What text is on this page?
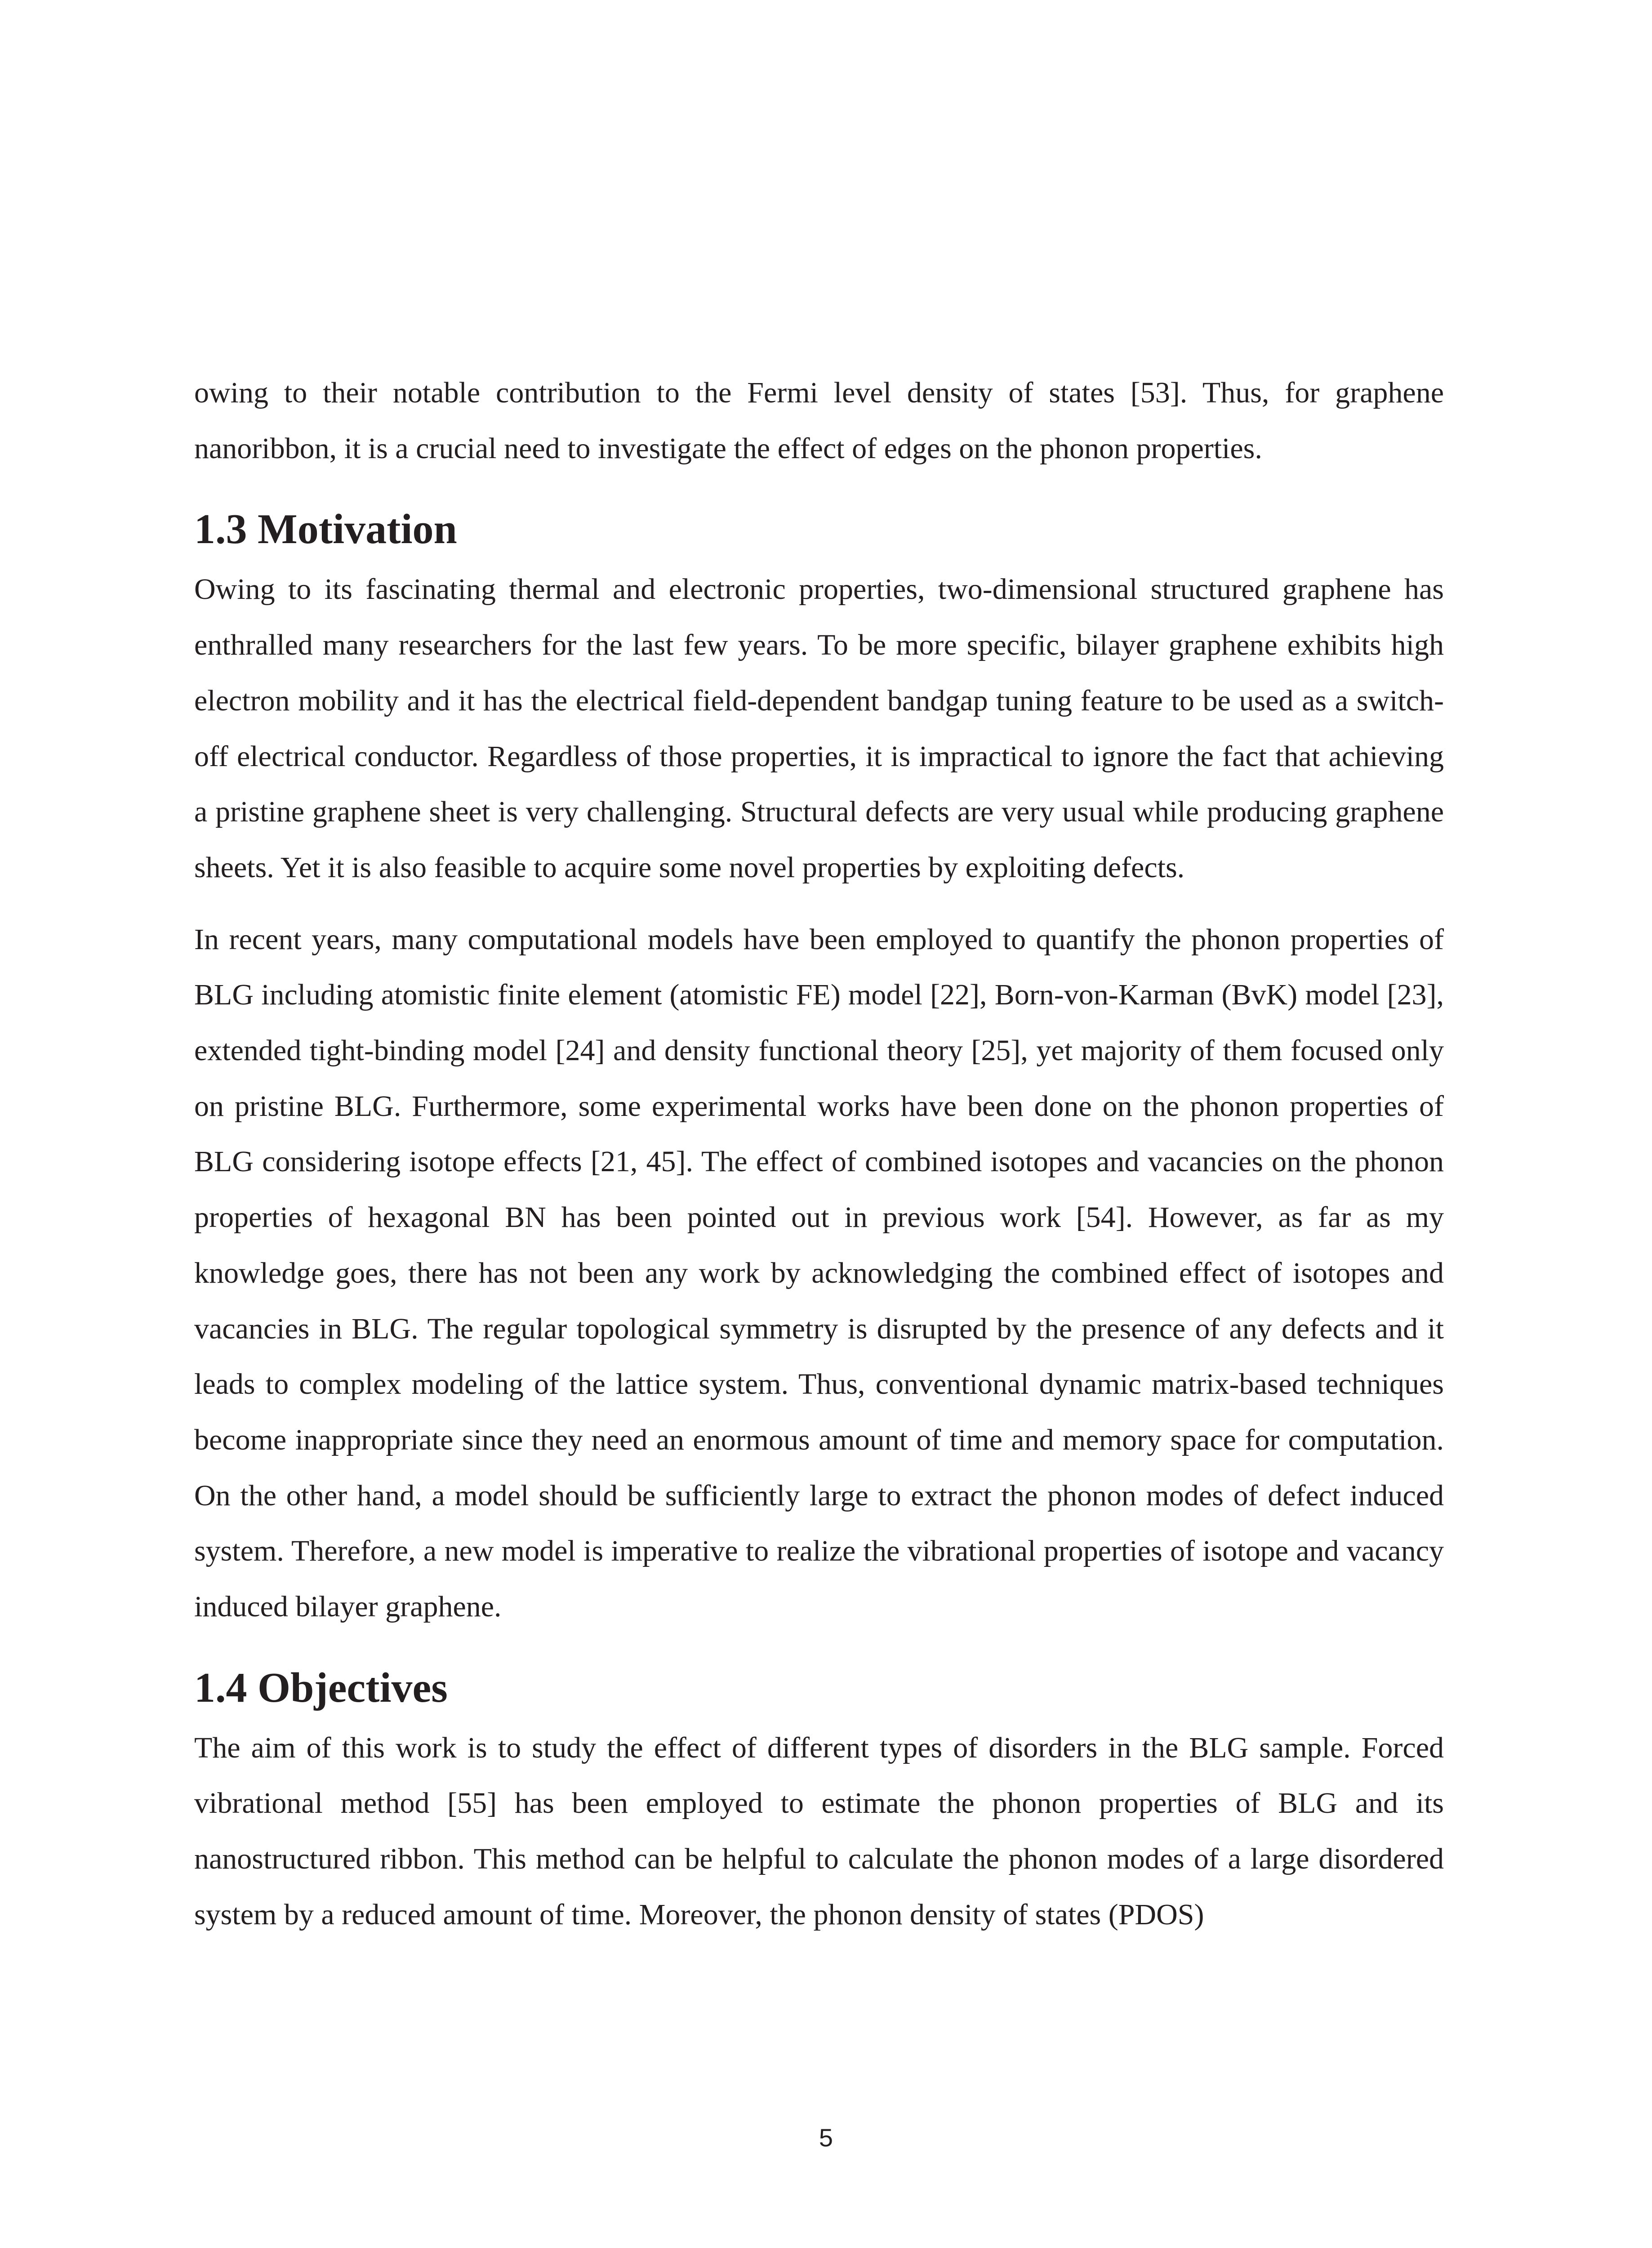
owing to their notable contribution to the Fermi level density of states [53]. Thus, for graphene nanoribbon, it is a crucial need to investigate the effect of edges on the phonon properties.

1.3 Motivation

Owing to its fascinating thermal and electronic properties, two-dimensional structured graphene has enthralled many researchers for the last few years. To be more specific, bilayer graphene exhibits high electron mobility and it has the electrical field-dependent bandgap tuning feature to be used as a switch-off electrical conductor. Regardless of those properties, it is impractical to ignore the fact that achieving a pristine graphene sheet is very challenging. Structural defects are very usual while producing graphene sheets. Yet it is also feasible to acquire some novel properties by exploiting defects.

In recent years, many computational models have been employed to quantify the phonon properties of BLG including atomistic finite element (atomistic FE) model [22], Born-von-Karman (BvK) model [23], extended tight-binding model [24] and density functional theory [25], yet majority of them focused only on pristine BLG. Furthermore, some experimental works have been done on the phonon properties of BLG considering isotope effects [21, 45]. The effect of combined isotopes and vacancies on the phonon properties of hexagonal BN has been pointed out in previous work [54]. However, as far as my knowledge goes, there has not been any work by acknowledging the combined effect of isotopes and vacancies in BLG. The regular topological symmetry is disrupted by the presence of any defects and it leads to complex modeling of the lattice system. Thus, conventional dynamic matrix-based techniques become inappropriate since they need an enormous amount of time and memory space for computation. On the other hand, a model should be sufficiently large to extract the phonon modes of defect induced system. Therefore, a new model is imperative to realize the vibrational properties of isotope and vacancy induced bilayer graphene.

1.4 Objectives

The aim of this work is to study the effect of different types of disorders in the BLG sample. Forced vibrational method [55] has been employed to estimate the phonon properties of BLG and its nanostructured ribbon. This method can be helpful to calculate the phonon modes of a large disordered system by a reduced amount of time. Moreover, the phonon density of states (PDOS)

5
